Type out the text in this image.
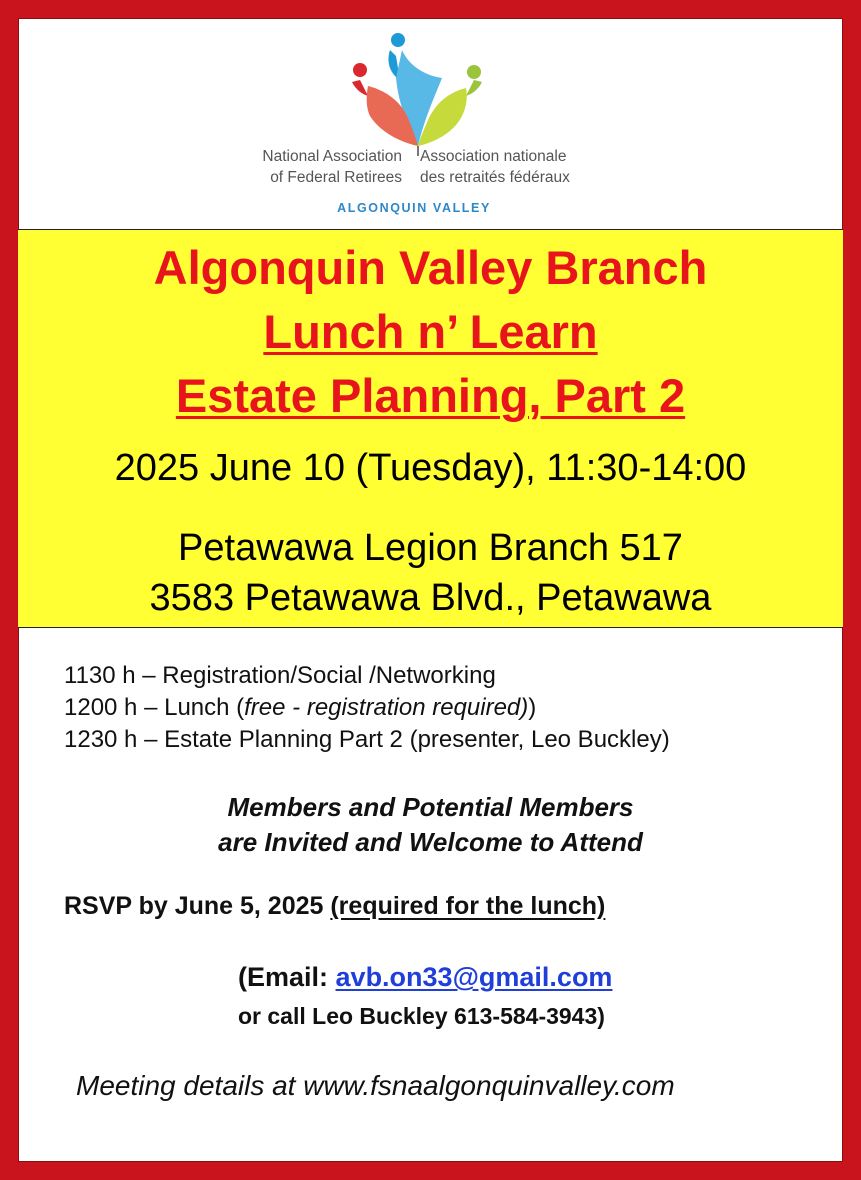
National Association
of Federal Retirees
Association nationale
des retraités fédéraux
ALGONQUIN VALLEY
Algonquin Valley Branch
Lunch n’ Learn
Estate Planning, Part 2
2025 June 10 (Tuesday), 11:30-14:00
Petawawa Legion Branch 517
3583 Petawawa Blvd., Petawawa
1130 h – Registration/Social /Networking
1200 h – Lunch (free - registration required))
1230 h – Estate Planning Part 2 (presenter, Leo Buckley)
Members and Potential Members
are Invited and Welcome to Attend
RSVP by June 5, 2025 (required for the lunch)
(Email: avb.on33@gmail.com
or call Leo Buckley 613-584-3943)
Meeting details at www.fsnaalgonquinvalley.com
